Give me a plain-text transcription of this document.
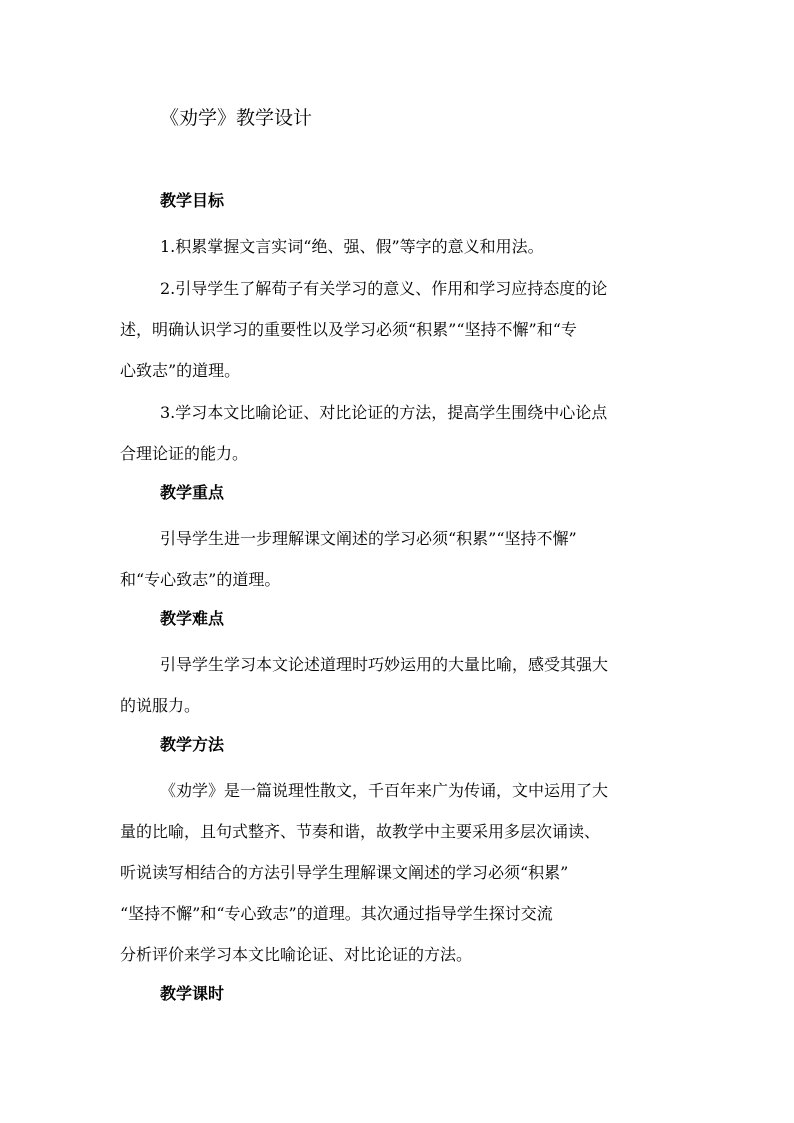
《劝学》教学设计
教学目标
1.积累掌握文言实词“绝、强、假”等字的意义和用法。
2.引导学生了解荀子有关学习的意义、作用和学习应持态度的论
述，明确认识学习的重要性以及学习必须“积累”“坚持不懈”和“专
心致志”的道理。
3.学习本文比喻论证、对比论证的方法，提高学生围绕中心论点
合理论证的能力。
教学重点
引导学生进一步理解课文阐述的学习必须“积累”“坚持不懈”
和“专心致志”的道理。
教学难点
引导学生学习本文论述道理时巧妙运用的大量比喻，感受其强大
的说服力。
教学方法
《劝学》是一篇说理性散文，千百年来广为传诵，文中运用了大
量的比喻，且句式整齐、节奏和谐，故教学中主要采用多层次诵读、
听说读写相结合的方法引导学生理解课文阐述的学习必须“积累”
“坚持不懈”和“专心致志”的道理。其次通过指导学生探讨交流
分析评价来学习本文比喻论证、对比论证的方法。
教学课时
